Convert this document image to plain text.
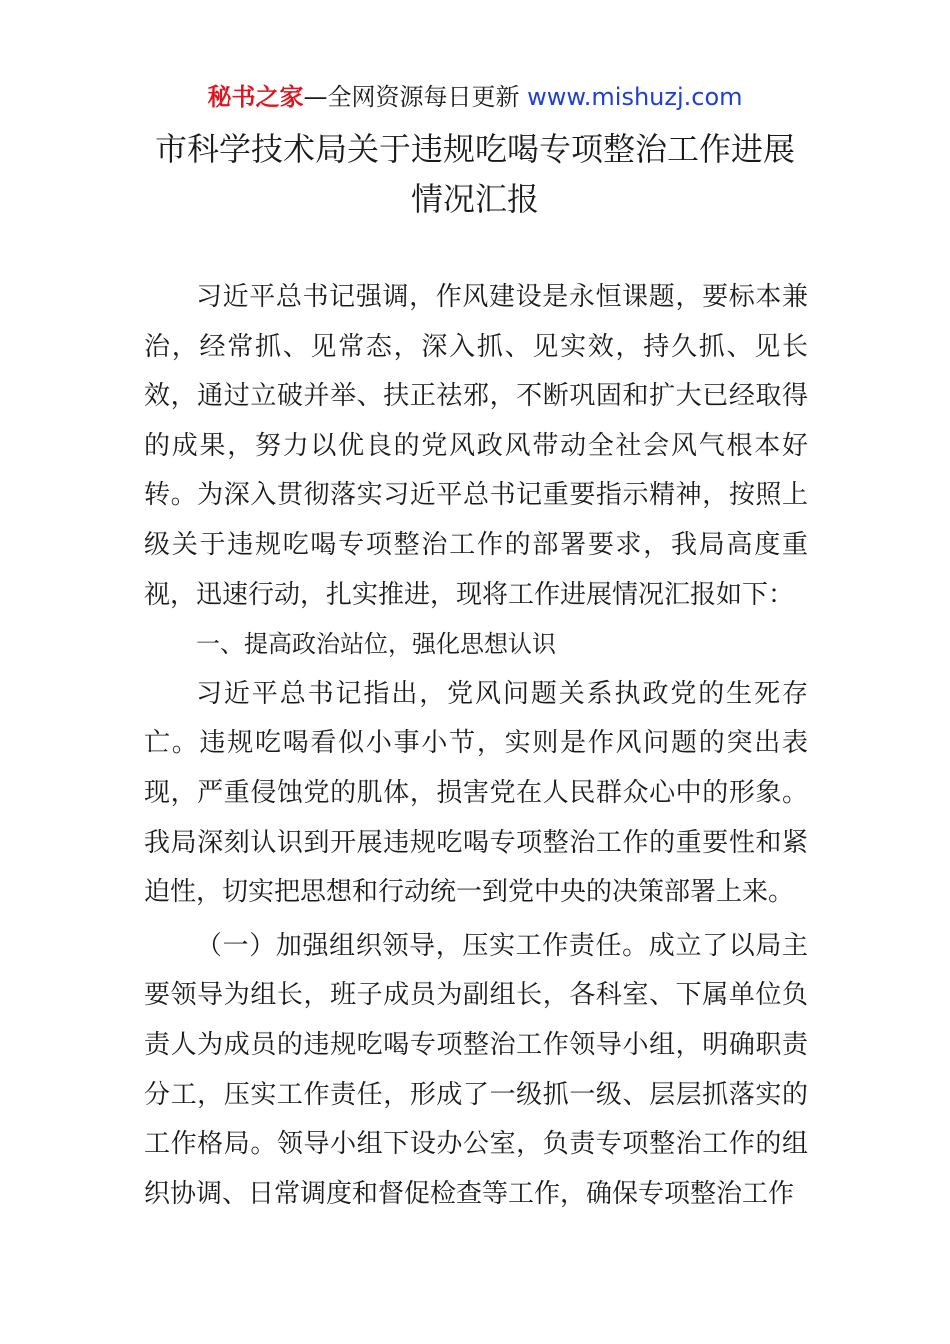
秘书之家—全网资源每日更新 www.mishuzj.com
市科学技术局关于违规吃喝专项整治工作进展
情况汇报

习近平总书记强调，作风建设是永恒课题，要标本兼治，经常抓、见常态，深入抓、见实效，持久抓、见长效，通过立破并举、扶正祛邪，不断巩固和扩大已经取得的成果，努力以优良的党风政风带动全社会风气根本好转。为深入贯彻落实习近平总书记重要指示精神，按照上级关于违规吃喝专项整治工作的部署要求，我局高度重视，迅速行动，扎实推进，现将工作进展情况汇报如下：

一、提高政治站位，强化思想认识

习近平总书记指出，党风问题关系执政党的生死存亡。违规吃喝看似小事小节，实则是作风问题的突出表现，严重侵蚀党的肌体，损害党在人民群众心中的形象。我局深刻认识到开展违规吃喝专项整治工作的重要性和紧迫性，切实把思想和行动统一到党中央的决策部署上来。

（一）加强组织领导，压实工作责任。成立了以局主要领导为组长，班子成员为副组长，各科室、下属单位负责人为成员的违规吃喝专项整治工作领导小组，明确职责分工，压实工作责任，形成了一级抓一级、层层抓落实的工作格局。领导小组下设办公室，负责专项整治工作的组织协调、日常调度和督促检查等工作，确保专项整治工作
